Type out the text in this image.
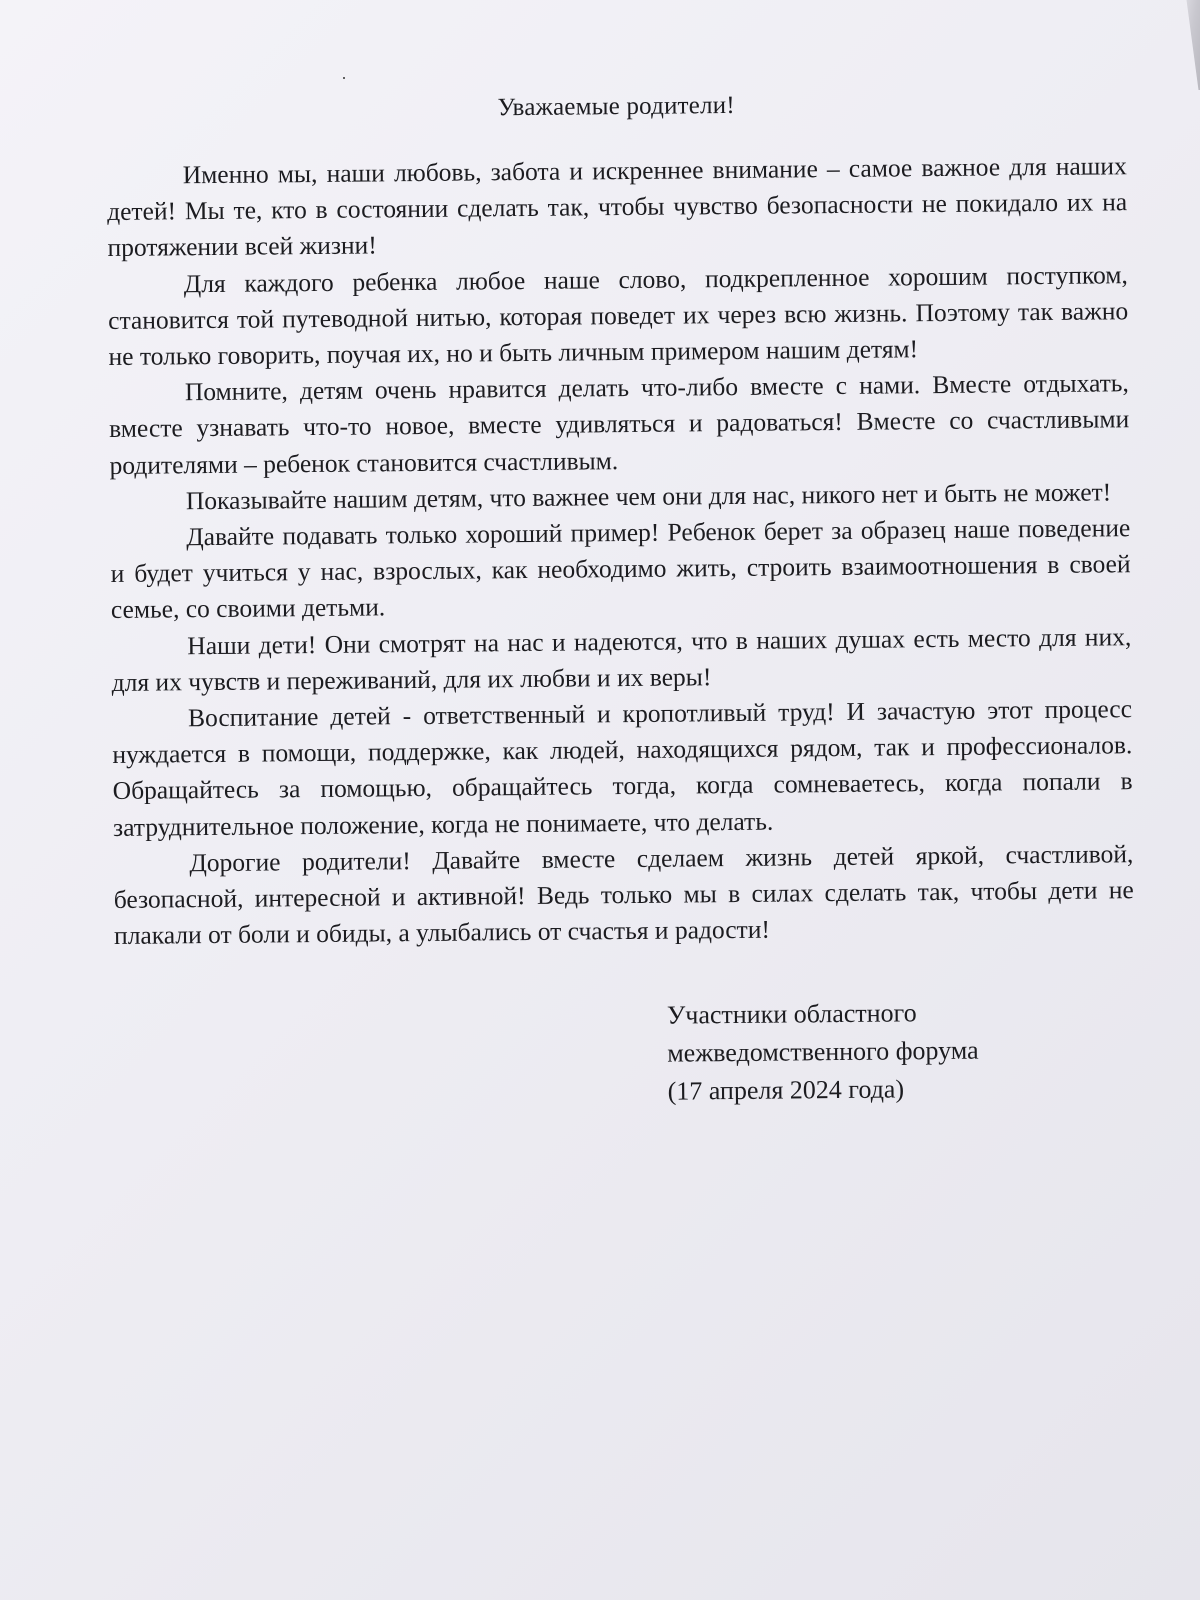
Уважаемые родители!

Именно мы, наши любовь, забота и искреннее внимание – самое важное для наших детей! Мы те, кто в состоянии сделать так, чтобы чувство безопасности не покидало их на протяжении всей жизни!

Для каждого ребенка любое наше слово, подкрепленное хорошим поступком, становится той путеводной нитью, которая поведет их через всю жизнь. Поэтому так важно не только говорить, поучая их, но и быть личным примером нашим детям!

Помните, детям очень нравится делать что-либо вместе с нами. Вместе отдыхать, вместе узнавать что-то новое, вместе удивляться и радоваться! Вместе со счастливыми родителями – ребенок становится счастливым.

Показывайте нашим детям, что важнее чем они для нас, никого нет и быть не может!

Давайте подавать только хороший пример! Ребенок берет за образец наше поведение и будет учиться у нас, взрослых, как необходимо жить, строить взаимоотношения в своей семье, со своими детьми.

Наши дети! Они смотрят на нас и надеются, что в наших душах есть место для них, для их чувств и переживаний, для их любви и их веры!

Воспитание детей - ответственный и кропотливый труд! И зачастую этот процесс нуждается в помощи, поддержке, как людей, находящихся рядом, так и профессионалов. Обращайтесь за помощью, обращайтесь тогда, когда сомневаетесь, когда попали в затруднительное положение, когда не понимаете, что делать.

Дорогие родители! Давайте вместе сделаем жизнь детей яркой, счастливой, безопасной, интересной и активной! Ведь только мы в силах сделать так, чтобы дети не плакали от боли и обиды, а улыбались от счастья и радости!

Участники областного
межведомственного форума
(17 апреля 2024 года)
